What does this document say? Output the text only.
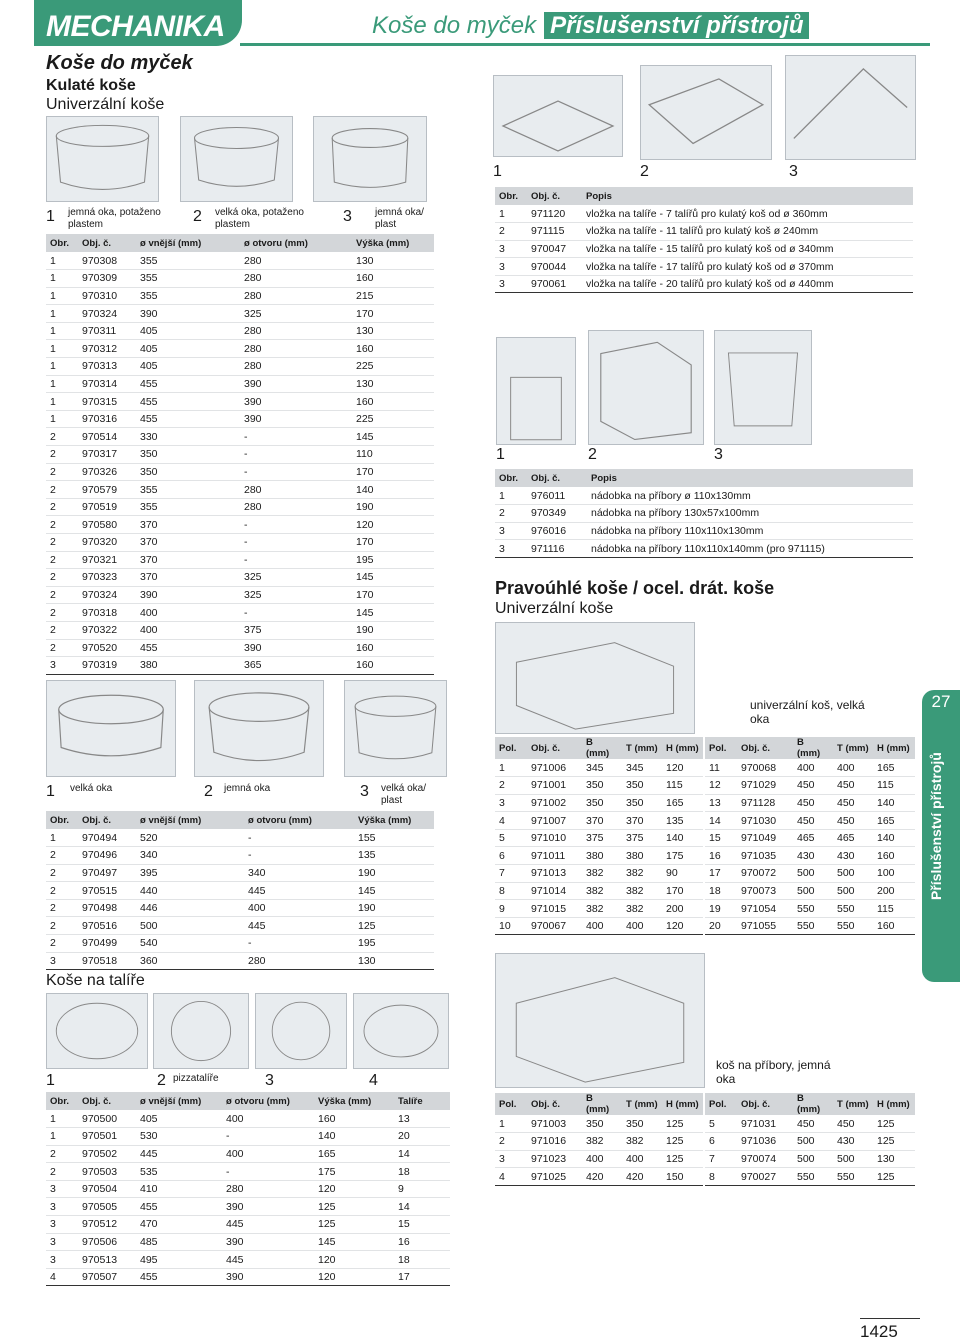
MECHANIKA	Koše do myček Příslušenství přístrojů
27
Příslušenství přístrojů
Koše do myček
Kulaté koše
Univerzální koše
1 jemná oka, potaženo plastem	2 velká oka, potaženo plastem	3 jemná oka/ plast
Obr.	Obj. č.	ø vnější (mm)	ø otvoru (mm)	Výška (mm)
1	970308	355	280	130
1	970309	355	280	160
1	970310	355	280	215
1	970324	390	325	170
1	970311	405	280	130
1	970312	405	280	160
1	970313	405	280	225
1	970314	455	390	130
1	970315	455	390	160
1	970316	455	390	225
2	970514	330	-	145
2	970317	350	-	110
2	970326	350	-	170
2	970579	355	280	140
2	970519	355	280	190
2	970580	370	-	120
2	970320	370	-	170
2	970321	370	-	195
2	970323	370	325	145
2	970324	390	325	170
2	970318	400	-	145
2	970322	400	375	190
2	970520	455	390	160
3	970319	380	365	160
1 velká oka	2 jemná oka	3 velká oka/ plast
Obr.	Obj. č.	ø vnější (mm)	ø otvoru (mm)	Výška (mm)
1	970494	520	-	155
2	970496	340	-	135
2	970497	395	340	190
2	970515	440	445	145
2	970498	446	400	190
2	970516	500	445	125
2	970499	540	-	195
3	970518	360	280	130
Koše na talíře
1	2 pizzatalíře	3	4
Obr.	Obj. č.	ø vnější (mm)	ø otvoru (mm)	Výška (mm)	Talíře
1	970500	405	400	160	13
1	970501	530	-	140	20
2	970502	445	400	165	14
2	970503	535	-	175	18
3	970504	410	280	120	9
3	970505	455	390	125	14
3	970512	470	445	125	15
3	970506	485	390	145	16
3	970513	495	445	120	18
4	970507	455	390	120	17
1	2	3
Obr.	Obj. č.	Popis
1	971120	vložka na talíře - 7 talířů pro kulatý koš od ø 360mm
2	971115	vložka na talíře - 11 talířů pro kulatý koš ø 240mm
3	970047	vložka na talíře - 15 talířů pro kulatý koš od ø 340mm
3	970044	vložka na talíře - 17 talířů pro kulatý koš od ø 370mm
3	970061	vložka na talíře - 20 talířů pro kulatý koš od ø 440mm
1	2	3
Obr.	Obj. č.	Popis
1	976011	nádobka na příbory ø 110x130mm
2	970349	nádobka na příbory 130x57x100mm
3	976016	nádobka na příbory 110x110x130mm
3	971116	nádobka na příbory 110x110x140mm (pro 971115)
Pravoúhlé koše / ocel. drát. koše
Univerzální koše
univerzální koš, velká oka
Pol.	Obj. č.	B (mm)	T (mm)	H (mm)
1	971006	345	345	120
2	971001	350	350	115
3	971002	350	350	165
4	971007	370	370	135
5	971010	375	375	140
6	971011	380	380	175
7	971013	382	382	90
8	971014	382	382	170
9	971015	382	382	200
10	970067	400	400	120
Pol.	Obj. č.	B (mm)	T (mm)	H (mm)
11	970068	400	400	165
12	971029	450	450	115
13	971128	450	450	140
14	971030	450	450	165
15	971049	465	465	140
16	971035	430	430	160
17	970072	500	500	100
18	970073	500	500	200
19	971054	550	550	115
20	971055	550	550	160
koš na příbory, jemná oka
Pol.	Obj. č.	B (mm)	T (mm)	H (mm)
1	971003	350	350	125
2	971016	382	382	125
3	971023	400	400	125
4	971025	420	420	150
Pol.	Obj. č.	B (mm)	T (mm)	H (mm)
5	971031	450	450	125
6	971036	500	430	125
7	970074	500	500	130
8	970027	550	550	125
1425
